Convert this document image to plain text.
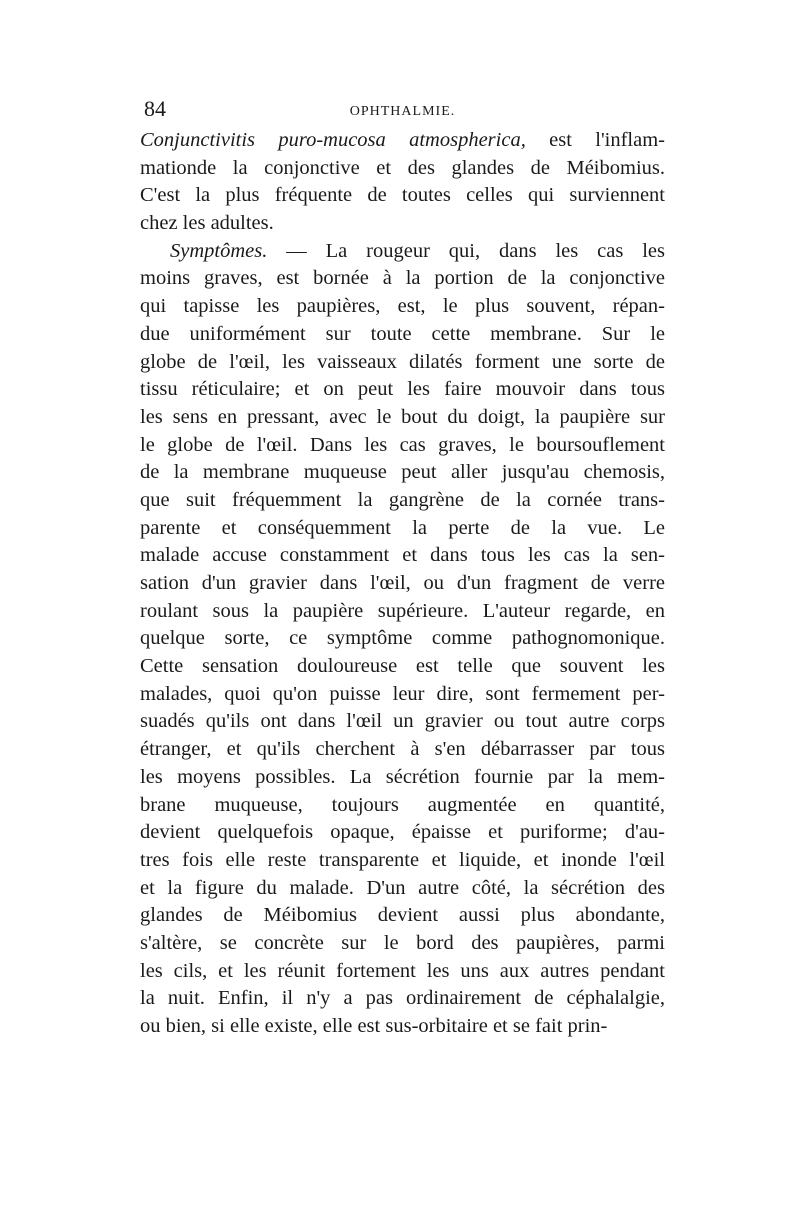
84	OPHTHALMIE.
Conjunctivitis puro-mucosa atmospherica, est l'inflam-
mationde la conjonctive et des glandes de Méibomius.
C'est la plus fréquente de toutes celles qui surviennent
chez les adultes.
Symptômes. — La rougeur qui, dans les cas les
moins graves, est bornée à la portion de la conjonctive
qui tapisse les paupières, est, le plus souvent, répan-
due uniformément sur toute cette membrane. Sur le
globe de l'œil, les vaisseaux dilatés forment une sorte de
tissu réticulaire; et on peut les faire mouvoir dans tous
les sens en pressant, avec le bout du doigt, la paupière sur
le globe de l'œil. Dans les cas graves, le boursouflement
de la membrane muqueuse peut aller jusqu'au chemosis,
que suit fréquemment la gangrène de la cornée trans-
parente et conséquemment la perte de la vue. Le
malade accuse constamment et dans tous les cas la sen-
sation d'un gravier dans l'œil, ou d'un fragment de verre
roulant sous la paupière supérieure. L'auteur regarde, en
quelque sorte, ce symptôme comme pathognomonique.
Cette sensation douloureuse est telle que souvent les
malades, quoi qu'on puisse leur dire, sont fermement per-
suadés qu'ils ont dans l'œil un gravier ou tout autre corps
étranger, et qu'ils cherchent à s'en débarrasser par tous
les moyens possibles. La sécrétion fournie par la mem-
brane muqueuse, toujours augmentée en quantité,
devient quelquefois opaque, épaisse et puriforme; d'au-
tres fois elle reste transparente et liquide, et inonde l'œil
et la figure du malade. D'un autre côté, la sécrétion des
glandes de Méibomius devient aussi plus abondante,
s'altère, se concrète sur le bord des paupières, parmi
les cils, et les réunit fortement les uns aux autres pendant
la nuit. Enfin, il n'y a pas ordinairement de céphalalgie,
ou bien, si elle existe, elle est sus-orbitaire et se fait prin-
